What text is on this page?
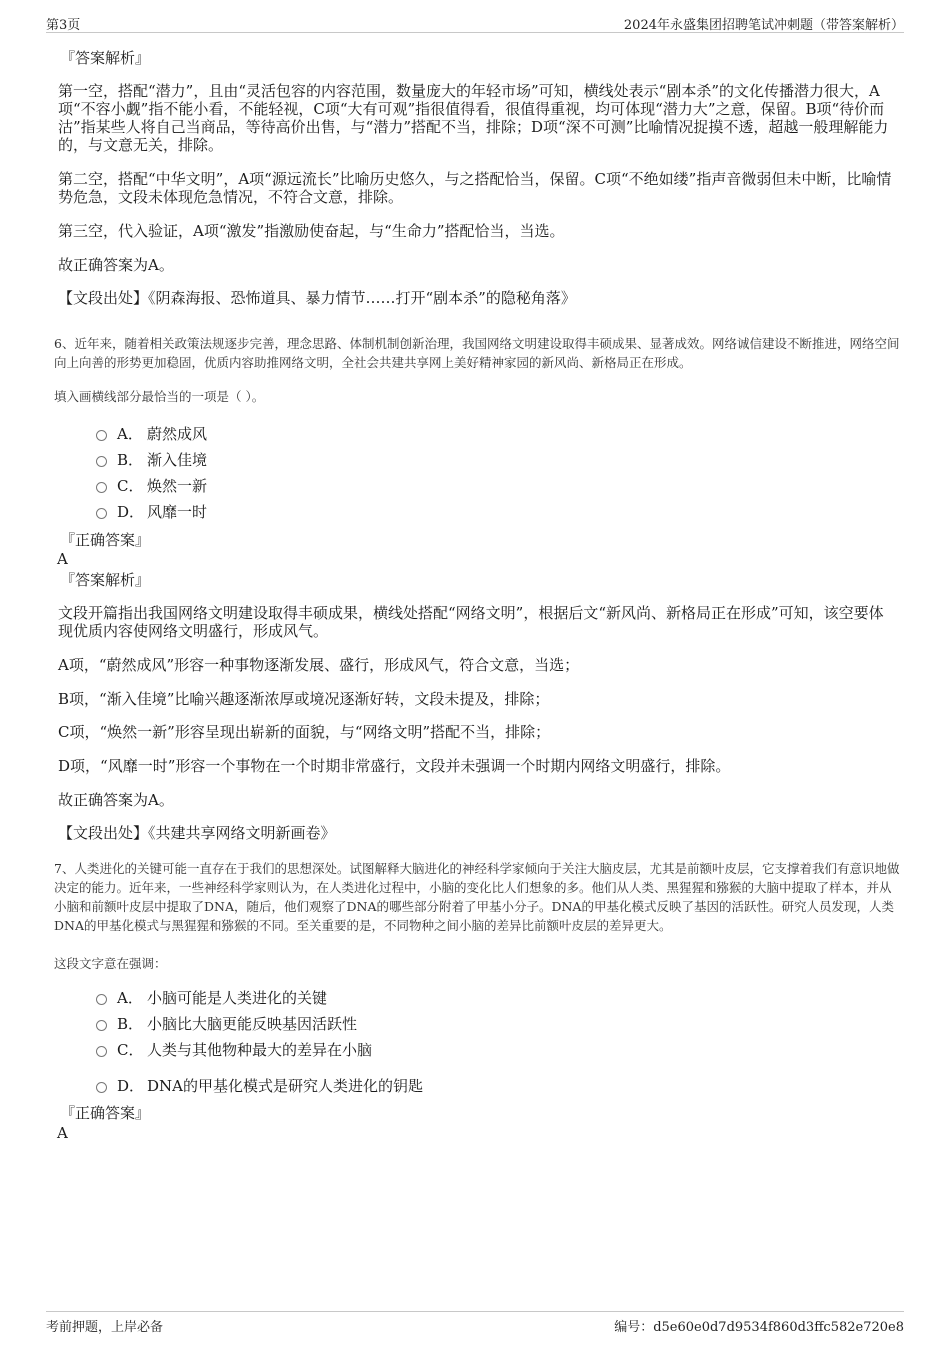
第3页	2024年永盛集团招聘笔试冲刺题（带答案解析）
『答案解析』
第一空，搭配“潜力”，且由“灵活包容的内容范围，数量庞大的年轻市场”可知，横线处表示“剧本杀”的文化传播潜力很大，A项“不容小觑”指不能小看，不能轻视，C项“大有可观”指很值得看，很值得重视，均可体现“潜力大”之意，保留。B项“待价而沽”指某些人将自己当商品，等待高价出售，与“潜力”搭配不当，排除；D项“深不可测”比喻情况捉摸不透，超越一般理解能力的，与文意无关，排除。
第二空，搭配“中华文明”，A项“源远流长”比喻历史悠久，与之搭配恰当，保留。C项“不绝如缕”指声音微弱但未中断，比喻情势危急，文段未体现危急情况，不符合文意，排除。
第三空，代入验证，A项“激发”指激励使奋起，与“生命力”搭配恰当，当选。
故正确答案为A。
【文段出处】《阴森海报、恐怖道具、暴力情节……打开“剧本杀”的隐秘角落》
6、近年来，随着相关政策法规逐步完善，理念思路、体制机制创新治理，我国网络文明建设取得丰硕成果、显著成效。网络诚信建设不断推进，网络空间向上向善的形势更加稳固，优质内容助推网络文明，全社会共建共享网上美好精神家园的新风尚、新格局正在形成。
填入画横线部分最恰当的一项是（ ）。
A． 蔚然成风
B． 渐入佳境
C． 焕然一新
D． 风靡一时
『正确答案』
A
『答案解析』
文段开篇指出我国网络文明建设取得丰硕成果，横线处搭配“网络文明”，根据后文“新风尚、新格局正在形成”可知，该空要体现优质内容使网络文明盛行，形成风气。
A项，“蔚然成风”形容一种事物逐渐发展、盛行，形成风气，符合文意，当选；
B项，“渐入佳境”比喻兴趣逐渐浓厚或境况逐渐好转，文段未提及，排除；
C项，“焕然一新”形容呈现出崭新的面貌，与“网络文明”搭配不当，排除；
D项，“风靡一时”形容一个事物在一个时期非常盛行，文段并未强调一个时期内网络文明盛行，排除。
故正确答案为A。
【文段出处】《共建共享网络文明新画卷》
7、人类进化的关键可能一直存在于我们的思想深处。试图解释大脑进化的神经科学家倾向于关注大脑皮层，尤其是前额叶皮层，它支撑着我们有意识地做决定的能力。近年来，一些神经科学家则认为，在人类进化过程中，小脑的变化比人们想象的多。他们从人类、黑猩猩和猕猴的大脑中提取了样本，并从小脑和前额叶皮层中提取了DNA，随后，他们观察了DNA的哪些部分附着了甲基小分子。DNA的甲基化模式反映了基因的活跃性。研究人员发现，人类DNA的甲基化模式与黑猩猩和猕猴的不同。至关重要的是，不同物种之间小脑的差异比前额叶皮层的差异更大。
这段文字意在强调：
A． 小脑可能是人类进化的关键
B． 小脑比大脑更能反映基因活跃性
C． 人类与其他物种最大的差异在小脑
D． DNA的甲基化模式是研究人类进化的钥匙
『正确答案』
A
考前押题，上岸必备	编号：d5e60e0d7d9534f860d3ffc582e720e8
